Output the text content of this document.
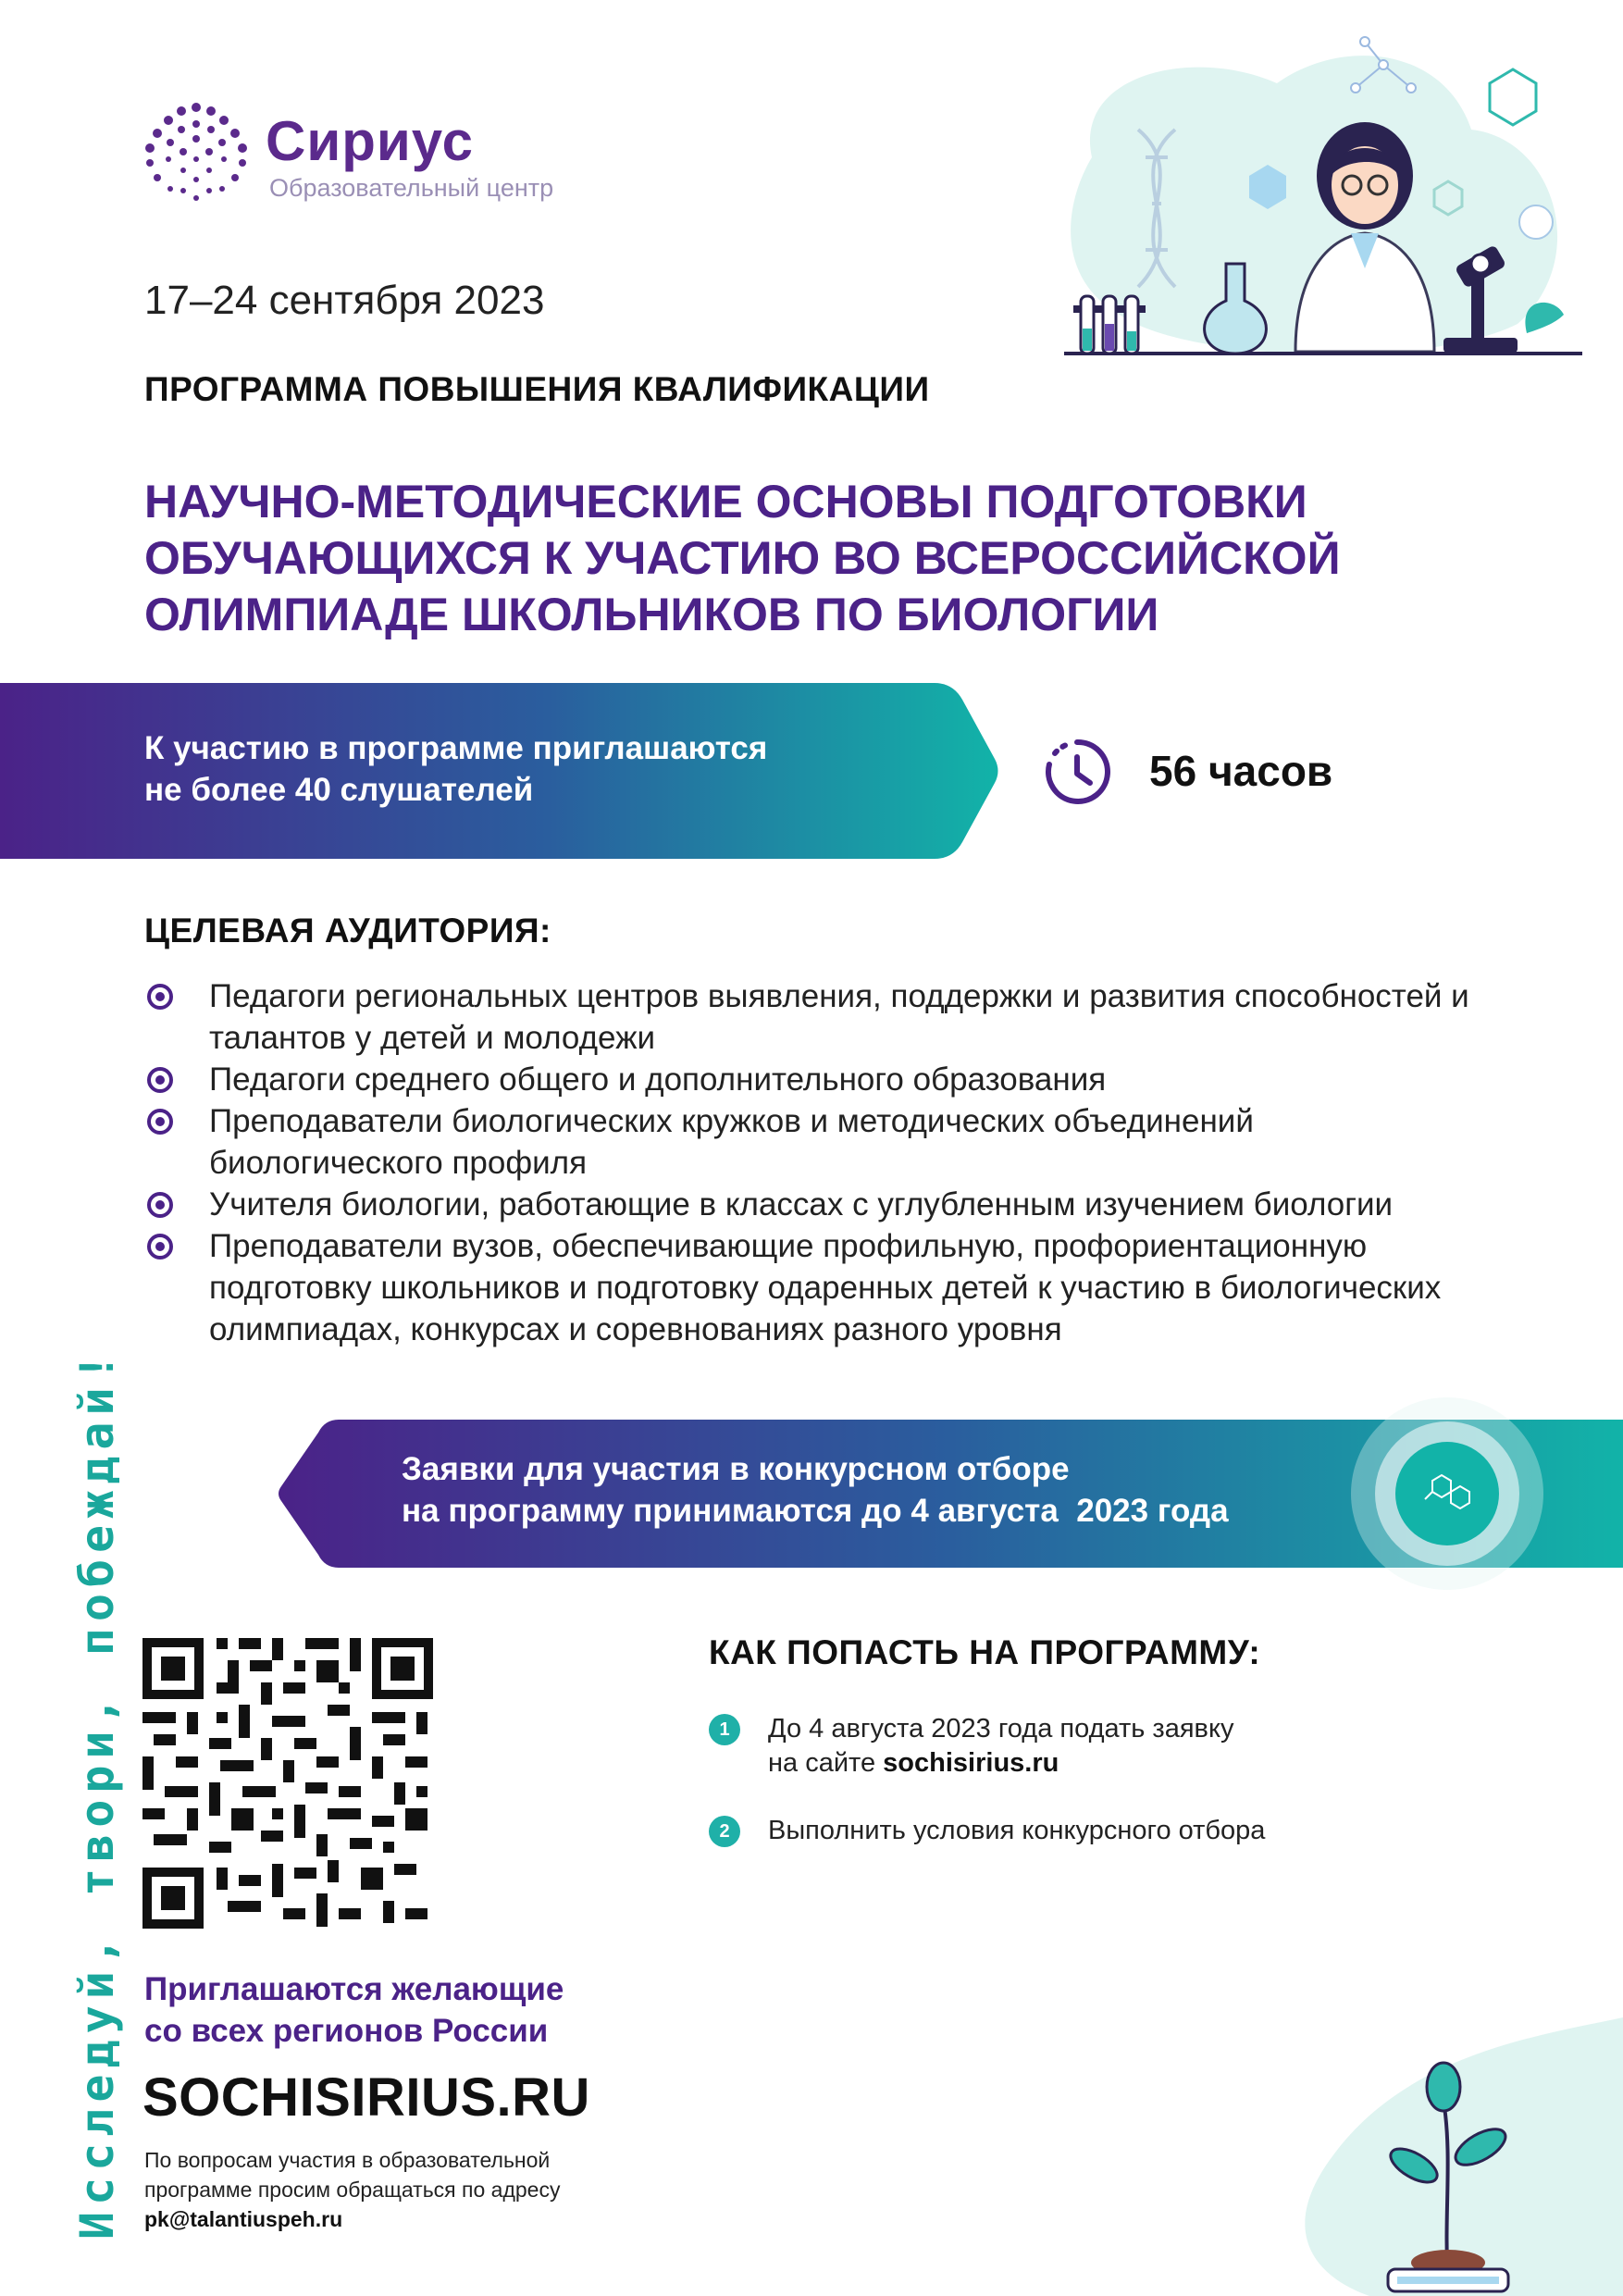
Сириус
Образовательный центр
17–24 сентября 2023
ПРОГРАММА ПОВЫШЕНИЯ КВАЛИФИКАЦИИ
НАУЧНО-МЕТОДИЧЕСКИЕ ОСНОВЫ ПОДГОТОВКИ
ОБУЧАЮЩИХСЯ К УЧАСТИЮ ВО ВСЕРОССИЙСКОЙ
ОЛИМПИАДЕ ШКОЛЬНИКОВ ПО БИОЛОГИИ
К участию в программе приглашаются
не более 40 слушателей	56 часов
ЦЕЛЕВАЯ АУДИТОРИЯ:
Педагоги региональных центров выявления, поддержки и развития способностей и талантов у детей и молодежи
Педагоги среднего общего и дополнительного образования
Преподаватели биологических кружков и методических объединений биологического профиля
Учителя биологии, работающие в классах с углубленным изучением биологии
Преподаватели вузов, обеспечивающие профильную, профориентационную подготовку школьников и подготовку одаренных детей к участию в биологических олимпиадах, конкурсах и соревнованиях разного уровня
Заявки для участия в конкурсном отборе
на программу принимаются до 4 августа  2023 года
КАК ПОПАСТЬ НА ПРОГРАММУ:
1	До 4 августа 2023 года подать заявку
на сайте sochisirius.ru
2	Выполнить условия конкурсного отбора
Приглашаются желающие
со всех регионов России
SOCHISIRIUS.RU
По вопросам участия в образовательной
программе просим обращаться по адресу
pk@talantiuspeh.ru
Исследуй, твори, побеждай!
